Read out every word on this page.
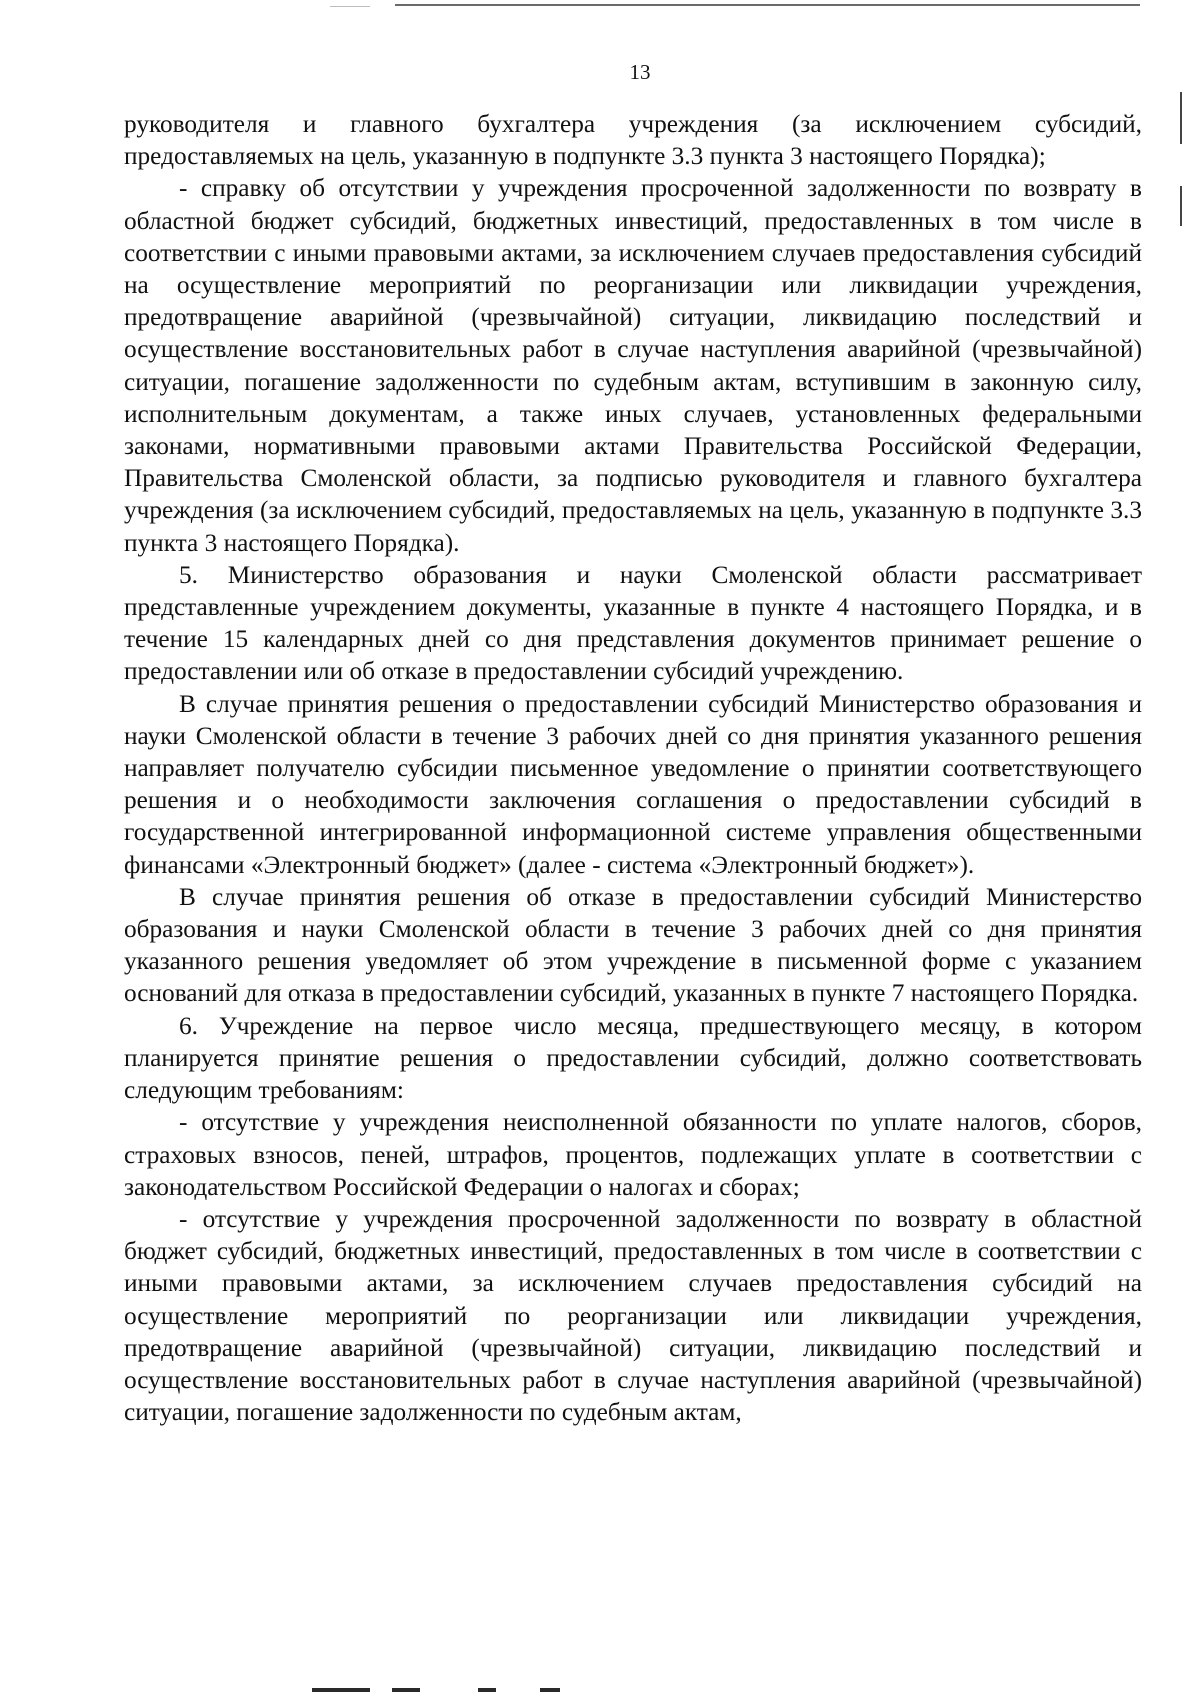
13

руководителя и главного бухгалтера учреждения (за исключением субсидий, предоставляемых на цель, указанную в подпункте 3.3 пункта 3 настоящего Порядка);

- справку об отсутствии у учреждения просроченной задолженности по возврату в областной бюджет субсидий, бюджетных инвестиций, предоставленных в том числе в соответствии с иными правовыми актами, за исключением случаев предоставления субсидий на осуществление мероприятий по реорганизации или ликвидации учреждения, предотвращение аварийной (чрезвычайной) ситуации, ликвидацию последствий и осуществление восстановительных работ в случае наступления аварийной (чрезвычайной) ситуации, погашение задолженности по судебным актам, вступившим в законную силу, исполнительным документам, а также иных случаев, установленных федеральными законами, нормативными правовыми актами Правительства Российской Федерации, Правительства Смоленской области, за подписью руководителя и главного бухгалтера учреждения (за исключением субсидий, предоставляемых на цель, указанную в подпункте 3.3 пункта 3 настоящего Порядка).

5. Министерство образования и науки Смоленской области рассматривает представленные учреждением документы, указанные в пункте 4 настоящего Порядка, и в течение 15 календарных дней со дня представления документов принимает решение о предоставлении или об отказе в предоставлении субсидий учреждению.

В случае принятия решения о предоставлении субсидий Министерство образования и науки Смоленской области в течение 3 рабочих дней со дня принятия указанного решения направляет получателю субсидии письменное уведомление о принятии соответствующего решения и о необходимости заключения соглашения о предоставлении субсидий в государственной интегрированной информационной системе управления общественными финансами «Электронный бюджет» (далее - система «Электронный бюджет»).

В случае принятия решения об отказе в предоставлении субсидий Министерство образования и науки Смоленской области в течение 3 рабочих дней со дня принятия указанного решения уведомляет об этом учреждение в письменной форме с указанием оснований для отказа в предоставлении субсидий, указанных в пункте 7 настоящего Порядка.

6. Учреждение на первое число месяца, предшествующего месяцу, в котором планируется принятие решения о предоставлении субсидий, должно соответствовать следующим требованиям:

- отсутствие у учреждения неисполненной обязанности по уплате налогов, сборов, страховых взносов, пеней, штрафов, процентов, подлежащих уплате в соответствии с законодательством Российской Федерации о налогах и сборах;

- отсутствие у учреждения просроченной задолженности по возврату в областной бюджет субсидий, бюджетных инвестиций, предоставленных в том числе в соответствии с иными правовыми актами, за исключением случаев предоставления субсидий на осуществление мероприятий по реорганизации или ликвидации учреждения, предотвращение аварийной (чрезвычайной) ситуации, ликвидацию последствий и осуществление восстановительных работ в случае наступления аварийной (чрезвычайной) ситуации, погашение задолженности по судебным актам,
